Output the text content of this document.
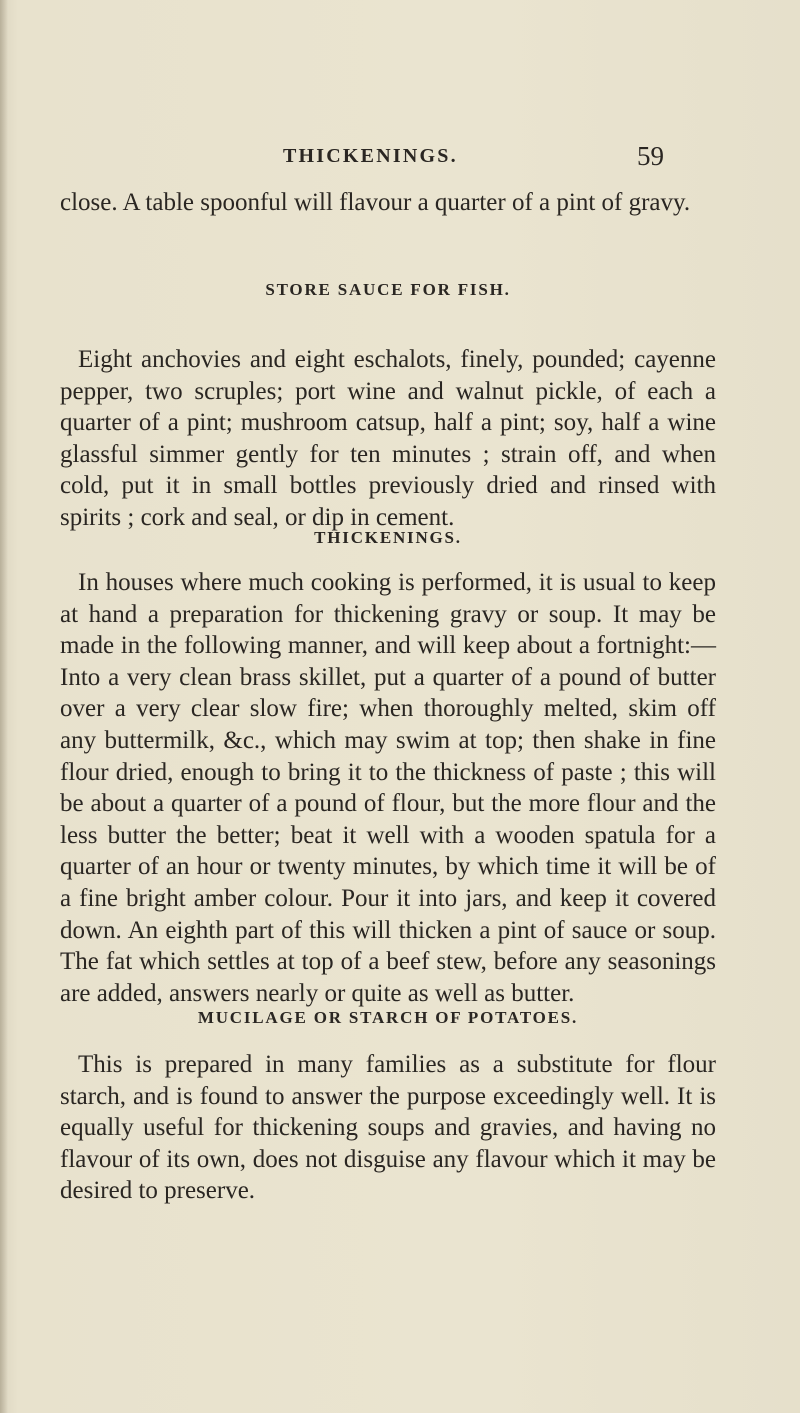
THICKENINGS.	59

close. A table spoonful will flavour a quarter of a pint of gravy.

STORE SAUCE FOR FISH.

Eight anchovies and eight eschalots, finely, pounded; cayenne pepper, two scruples; port wine and walnut pickle, of each a quarter of a pint; mushroom catsup, half a pint; soy, half a wine glassful simmer gently for ten minutes ; strain off, and when cold, put it in small bottles previously dried and rinsed with spirits ; cork and seal, or dip in cement.

THICKENINGS.

In houses where much cooking is performed, it is usual to keep at hand a preparation for thickening gravy or soup. It may be made in the following manner, and will keep about a fortnight:—Into a very clean brass skillet, put a quarter of a pound of butter over a very clear slow fire; when thoroughly melted, skim off any buttermilk, &c., which may swim at top; then shake in fine flour dried, enough to bring it to the thickness of paste ; this will be about a quarter of a pound of flour, but the more flour and the less butter the better; beat it well with a wooden spatula for a quarter of an hour or twenty minutes, by which time it will be of a fine bright amber colour. Pour it into jars, and keep it covered down. An eighth part of this will thicken a pint of sauce or soup. The fat which settles at top of a beef stew, before any seasonings are added, answers nearly or quite as well as butter.

MUCILAGE OR STARCH OF POTATOES.

This is prepared in many families as a substitute for flour starch, and is found to answer the purpose exceedingly well. It is equally useful for thickening soups and gravies, and having no flavour of its own, does not disguise any flavour which it may be desired to preserve.
